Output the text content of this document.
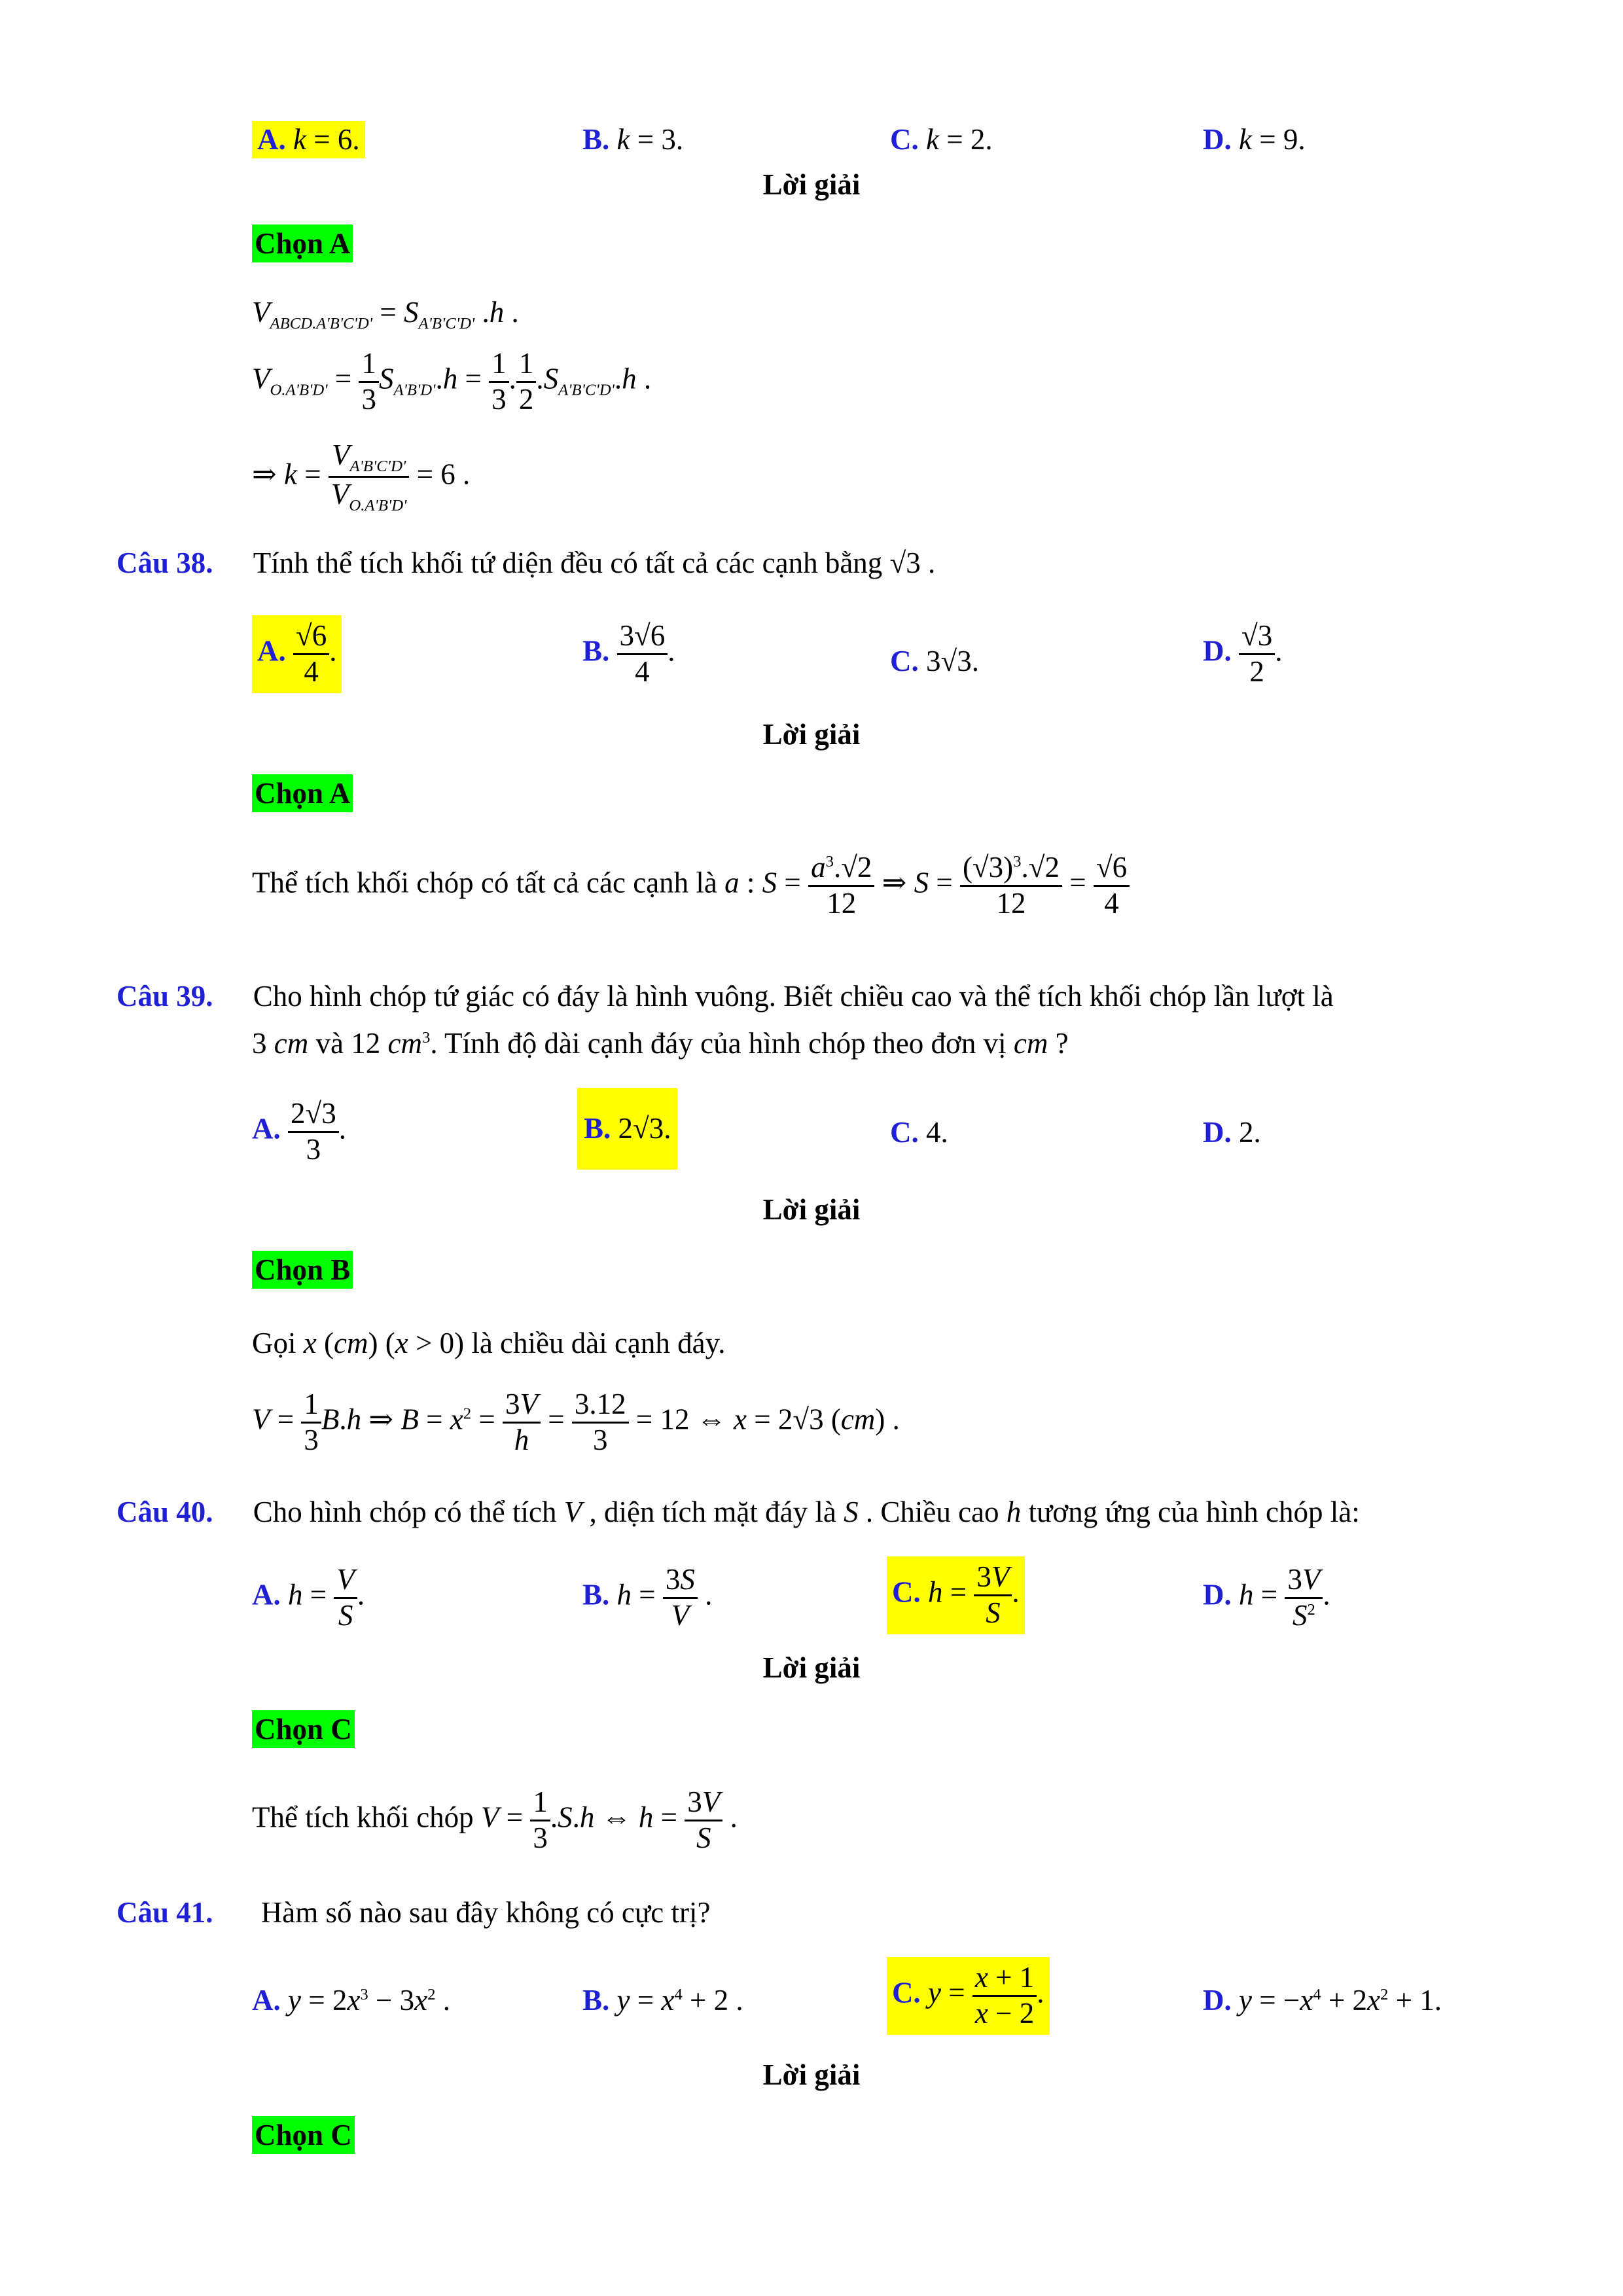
A. k = 6.	B. k = 3.	C. k = 2.	D. k = 9.
Lời giải
Chọn A
$V_{ABCD.A'B'C'D'} = S_{A'B'C'D'}$ .h .
$V_{O.A'B'D'} = \frac{1}{3} S_{A'B'D'}.h = \frac{1}{3}$ . $\frac{1}{2} .S_{A'B'C'D'}.h$ .
⇒ $k = \frac{V_{A'B'C'D'}}{V_{O.A'B'D'}} = 6$ .
Câu 38. Tính thể tích khối tứ diện đều có tất cả các cạnh bằng √3 .
A. $\frac{√6}{4}$ .	B. $\frac{3√6}{4}$ .	C. 3√3.	D. $\frac{√3}{2}$ .
Lời giải
Chọn A
Thể tích khối chóp có tất cả các cạnh là a : $S = \frac{a^3.√2}{12}$ ⇒ $S = \frac{(√3)^3.√2}{12} = \frac{√6}{4}$
Câu 39. Cho hình chóp tứ giác có đáy là hình vuông. Biết chiều cao và thể tích khối chóp lần lượt là
3 cm và 12 $cm^3$. Tính độ dài cạnh đáy của hình chóp theo đơn vị cm ?
A. $\frac{2√3}{3}$ .	B. 2√3.	C. 4.	D. 2.
Lời giải
Chọn B
Gọi x (cm) (x > 0) là chiều dài cạnh đáy.
$V = \frac{1}{3} B.h$ ⇒ $B = x^2 = \frac{3V}{h} = \frac{3.12}{3} = 12$ ⇔ x = 2√3 (cm) .
Câu 40. Cho hình chóp có thể tích V , diện tích mặt đáy là S . Chiều cao h tương ứng của hình chóp là:
A. $h = \frac{V}{S}$ .	B. $h = \frac{3S}{V}$ .	C. $h = \frac{3V}{S}$ .	D. $h = \frac{3V}{S^2}$ .
Lời giải
Chọn C
Thể tích khối chóp $V = \frac{1}{3} .S.h$ ⇔ $h = \frac{3V}{S}$ .
Câu 41. Hàm số nào sau đây không có cực trị?
A. $y = 2x^3 - 3x^2$ .	B. $y = x^4 + 2$ .	C. $y = \frac{x + 1}{x - 2}$ .	D. $y = -x^4 + 2x^2 + 1$.
Lời giải
Chọn C
